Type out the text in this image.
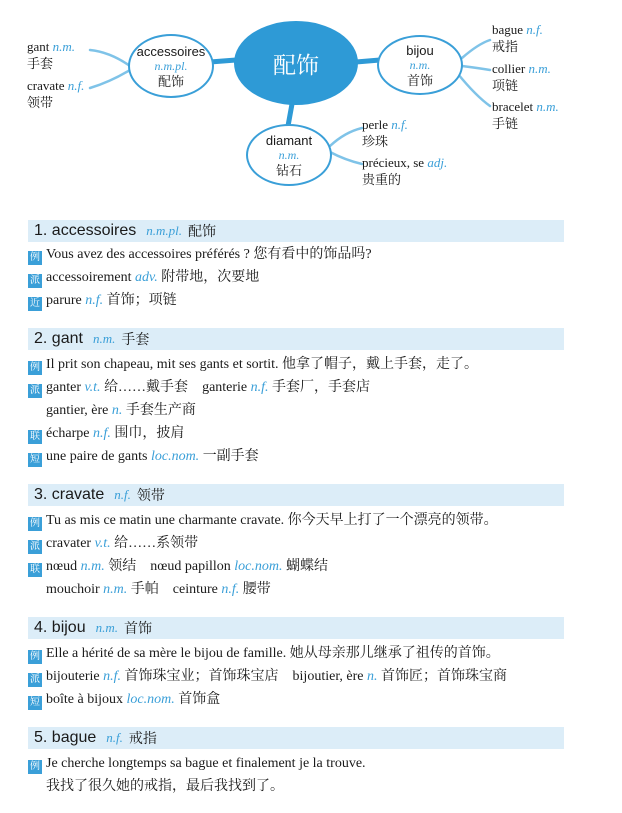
gant n.m.
手套
cravate n.f.
领带
accessoires
n.m.pl.
配饰
配饰
bijou
n.m.
首饰
bague n.f.
戒指
collier n.m.
项链
bracelet n.m.
手链
diamant
n.m.
钻石
perle n.f.
珍珠
précieux, se adj.
贵重的
1. accessoires n.m.pl. 配饰
例 Vous avez des accessoires préférés ? 您有看中的饰品吗?
派 accessoirement adv. 附带地，次要地
近 parure n.f. 首饰；项链
2. gant n.m. 手套
例 Il prit son chapeau, mit ses gants et sortit. 他拿了帽子，戴上手套，走了。
派 ganter v.t. 给……戴手套 ganterie n.f. 手套厂，手套店
gantier, ère n. 手套生产商
联 écharpe n.f. 围巾，披肩
短 une paire de gants loc.nom. 一副手套
3. cravate n.f. 领带
例 Tu as mis ce matin une charmante cravate. 你今天早上打了一个漂亮的领带。
派 cravater v.t. 给……系领带
联 nœud n.m. 领结 nœud papillon loc.nom. 蝴蝶结
mouchoir n.m. 手帕 ceinture n.f. 腰带
4. bijou n.m. 首饰
例 Elle a hérité de sa mère le bijou de famille. 她从母亲那儿继承了祖传的首饰。
派 bijouterie n.f. 首饰珠宝业；首饰珠宝店 bijoutier, ère n. 首饰匠；首饰珠宝商
短 boîte à bijoux loc.nom. 首饰盒
5. bague n.f. 戒指
例 Je cherche longtemps sa bague et finalement je la trouve.
我找了很久她的戒指，最后我找到了。
